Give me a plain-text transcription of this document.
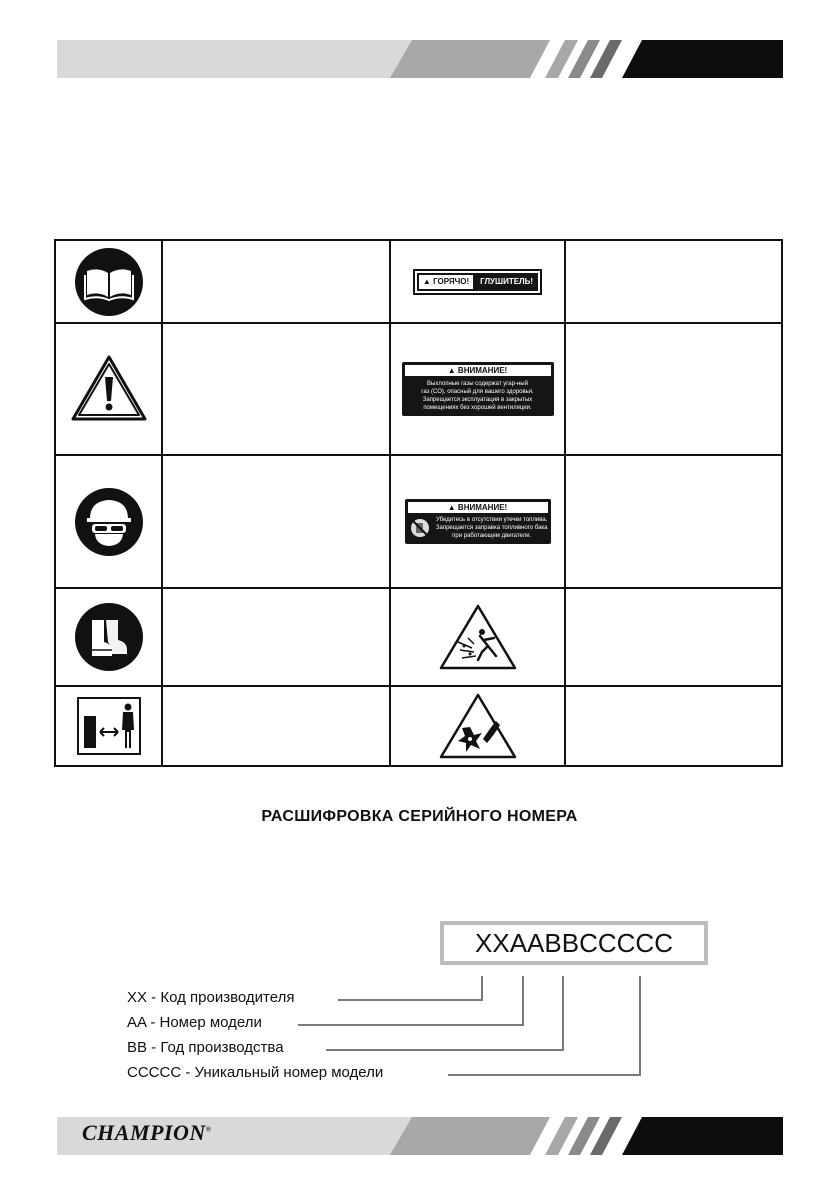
▲ ГОРЯЧО! ГЛУШИТЕЛЬ!	

▲ ВНИМАНИЕ!
Выхлопные газы содержат угар-ный
газ (СО), опасный для вашего здоровья.
Запрещается эксплуатация в закрытых
помещениях без хорошей вентиляции.	

▲ ВНИМАНИЕ!
Убедитесь в отсутствии утечки топлива.
Запрещается заправка топливного бака
при работающем двигателе.	

РАСШИФРОВКА СЕРИЙНОГО НОМЕРА
XXAABBCCCCC
XX - Код производителя
AA - Номер модели
BB - Год производства
CCCCC - Уникальный номер модели
CHAMPION®
